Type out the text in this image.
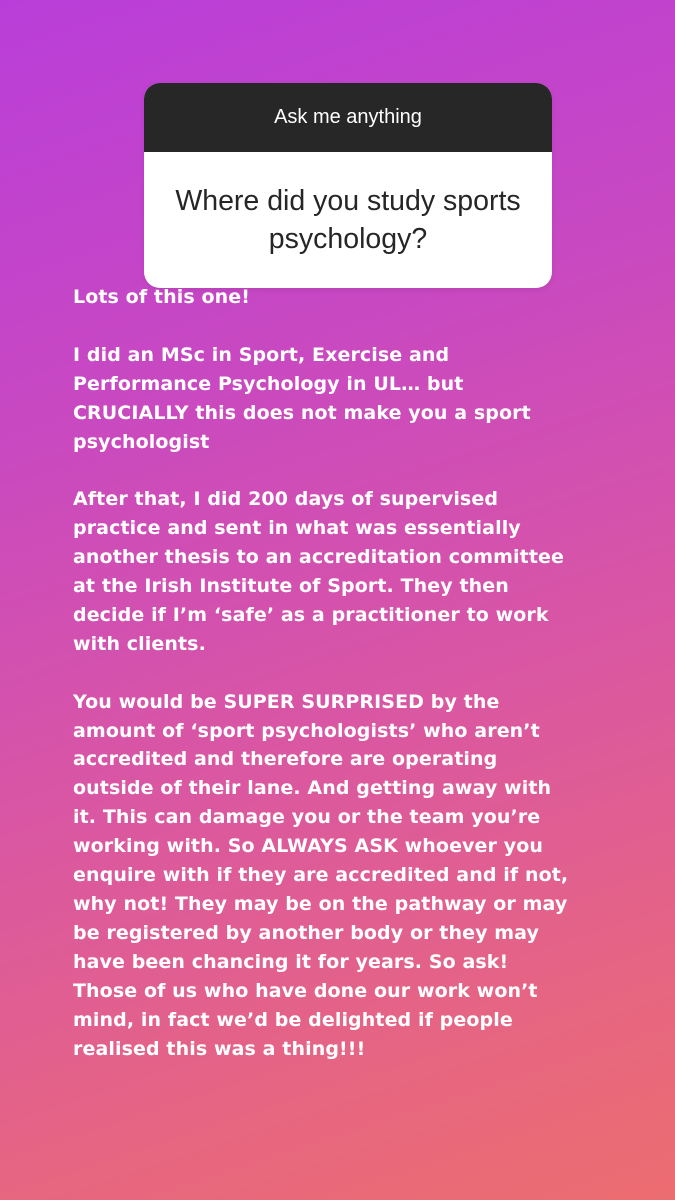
Ask me anything
Where did you study sports psychology?

Lots of this one!

I did an MSc in Sport, Exercise and
Performance Psychology in UL… but
CRUCIALLY this does not make you a sport
psychologist

After that, I did 200 days of supervised
practice and sent in what was essentially
another thesis to an accreditation committee
at the Irish Institute of Sport. They then
decide if I’m ‘safe’ as a practitioner to work
with clients.

You would be SUPER SURPRISED by the
amount of ‘sport psychologists’ who aren’t
accredited and therefore are operating
outside of their lane. And getting away with
it. This can damage you or the team you’re
working with. So ALWAYS ASK whoever you
enquire with if they are accredited and if not,
why not! They may be on the pathway or may
be registered by another body or they may
have been chancing it for years. So ask!
Those of us who have done our work won’t
mind, in fact we’d be delighted if people
realised this was a thing!!!
